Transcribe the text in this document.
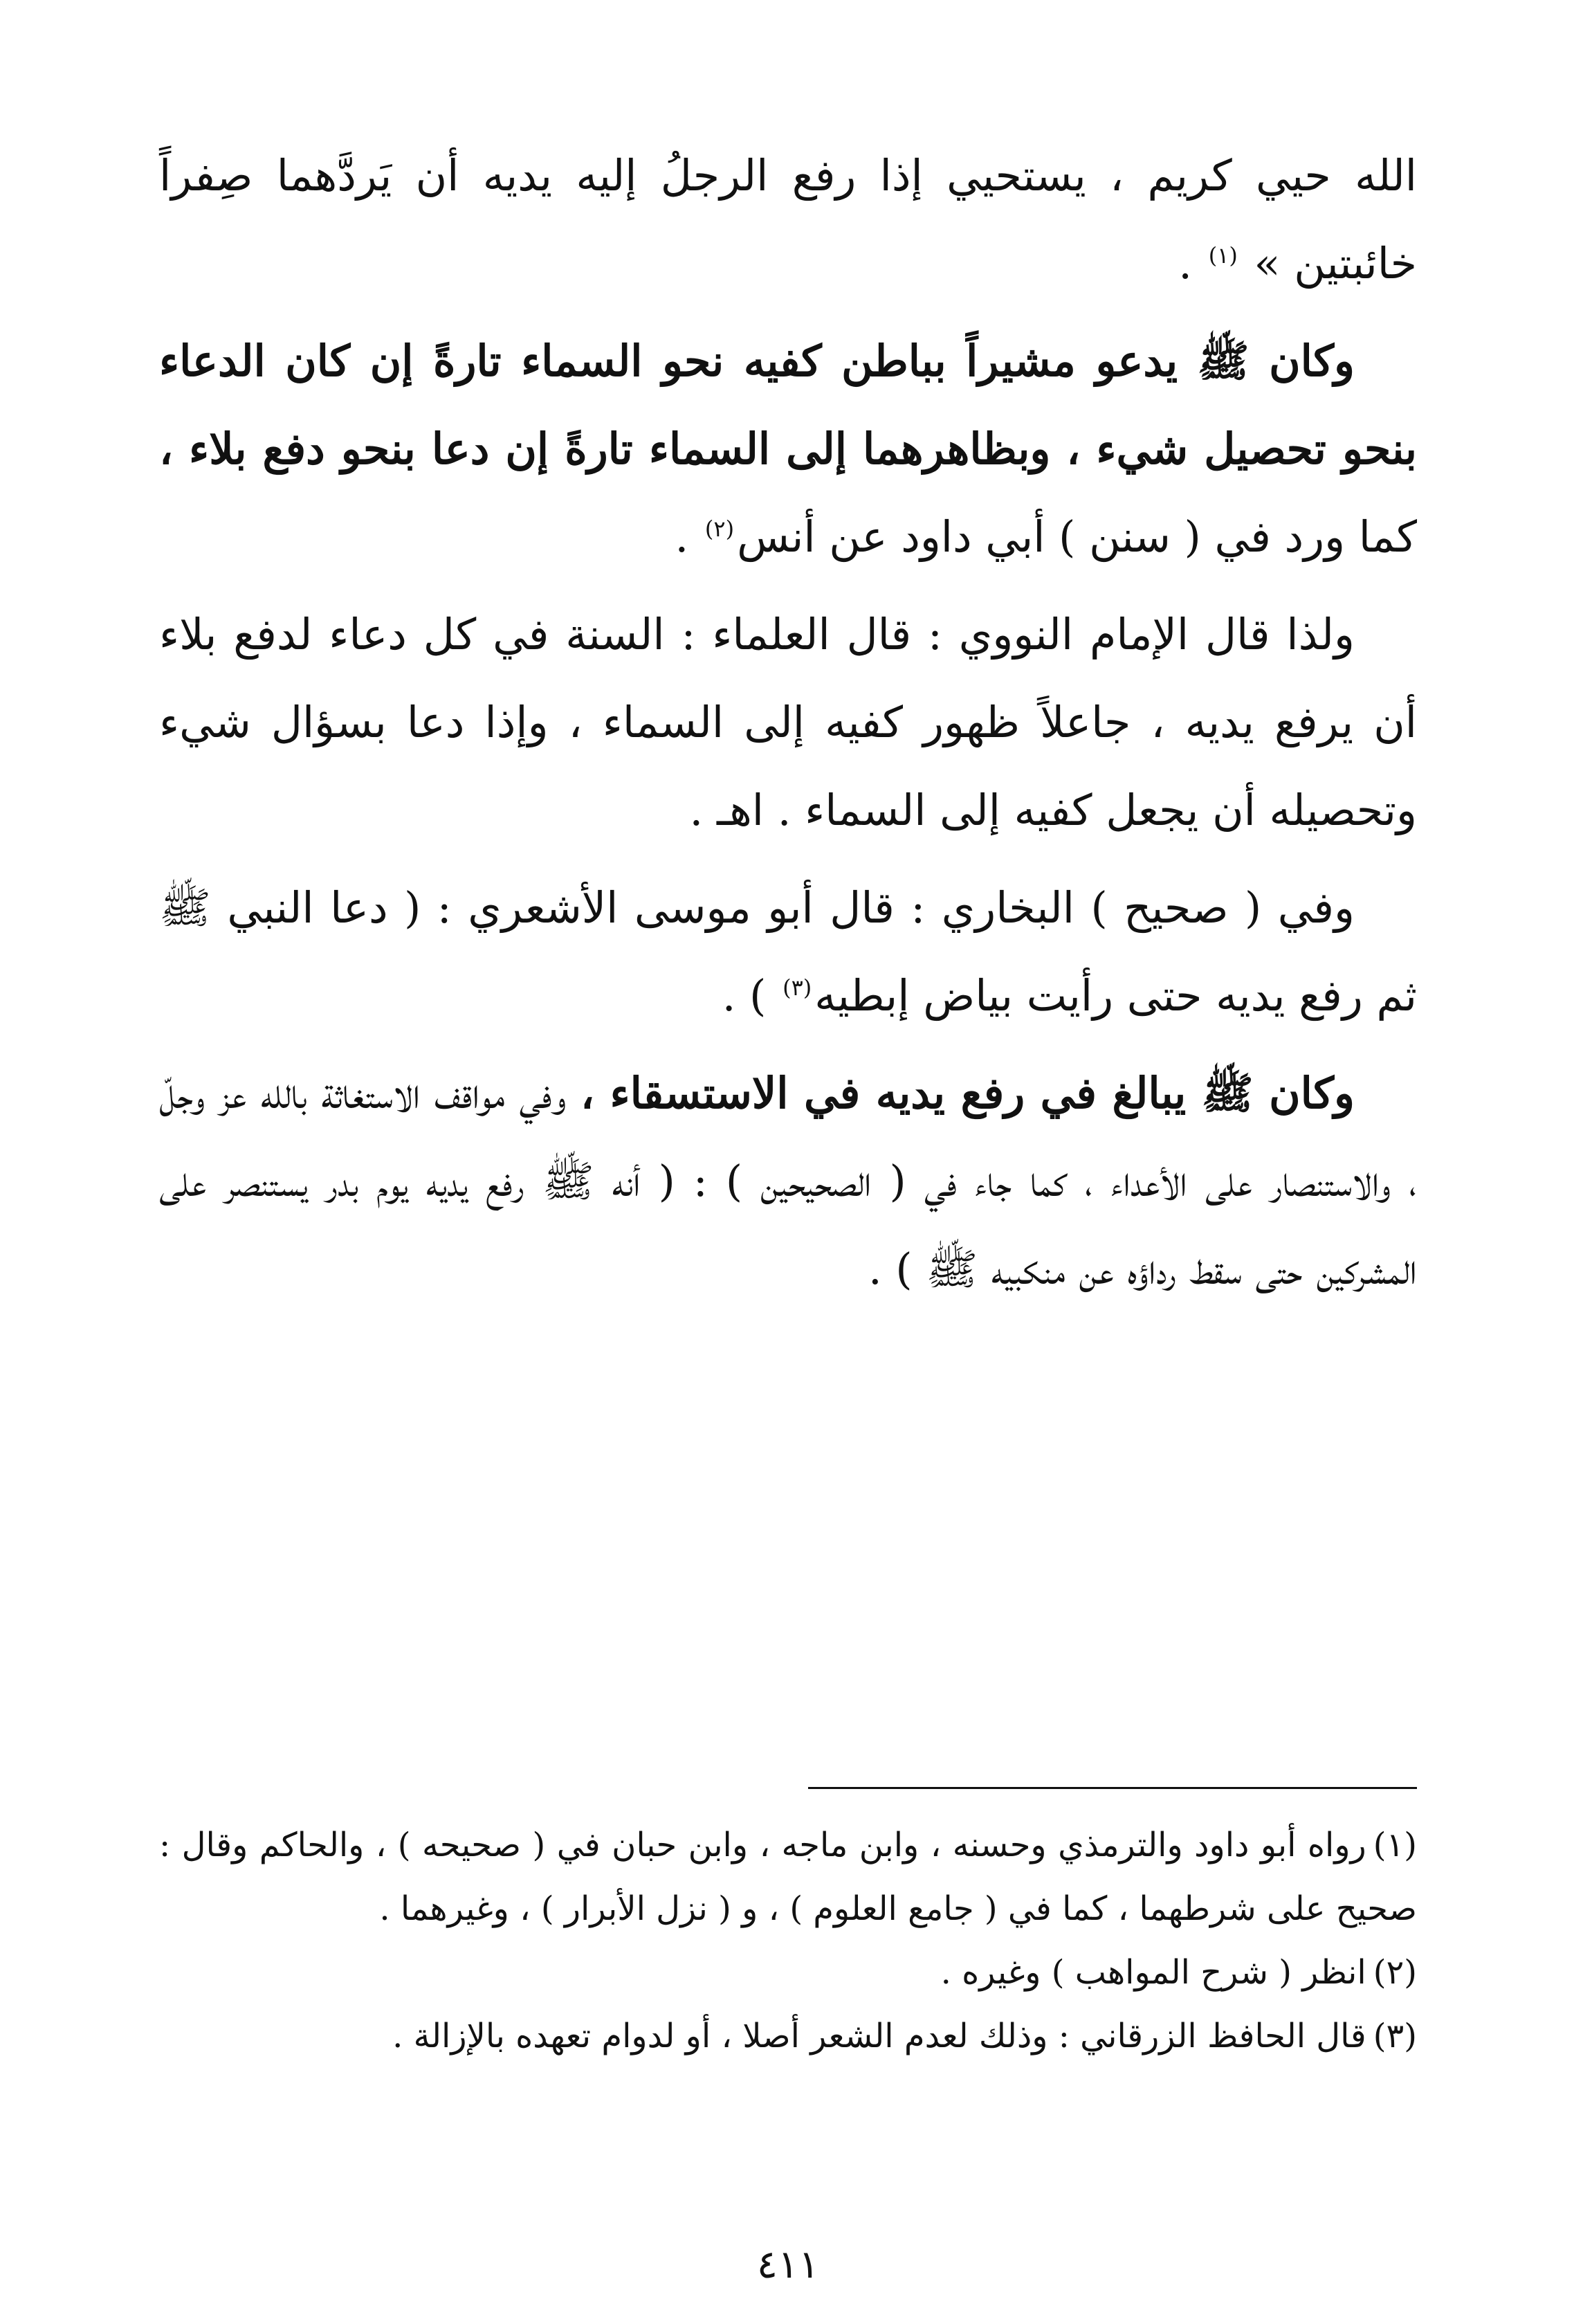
الله حيي كريم ، يستحيي إذا رفع الرجلُ إليه يديه أن يَردَّهما صِفراً خائبتين » $^{(١)}$ .

وكان ﷺ يدعو مشيراً بباطن كفيه نحو السماء تارةً إن كان الدعاء بنحو تحصيل شيء ، وبظاهرهما إلى السماء تارةً إن دعا بنحو دفع بلاء ، كما ورد في ( سنن ) أبي داود عن أنس$^{(٢)}$ .

ولذا قال الإمام النووي : قال العلماء : السنة في كل دعاء لدفع بلاء أن يرفع يديه ، جاعلاً ظهور كفيه إلى السماء ، وإذا دعا بسؤال شيء وتحصيله أن يجعل كفيه إلى السماء . اهـ .

وفي ( صحيح ) البخاري : قال أبو موسى الأشعري : ( دعا النبي ﷺ ثم رفع يديه حتى رأيت بياض إبطيه$^{(٣)}$ ) .

وكان ﷺ يبالغ في رفع يديه في الاستسقاء ، وفي مواقف الاستغاثة بالله عز وجلّ ، والاستنصار على الأعداء ، كما جاء في ( الصحيحين ) : ( أنه ﷺ رفع يديه يوم بدر يستنصر على المشركين حتى سقط رداؤه عن منكبيه ﷺ ) .

(١)رواه أبو داود والترمذي وحسنه ، وابن ماجه ، وابن حبان في ( صحيحه ) ، والحاكم وقال : صحيح على شرطهما ، كما في ( جامع العلوم ) ، و ( نزل الأبرار ) ، وغيرهما .

(٢)انظر ( شرح المواهب ) وغيره .

(٣)قال الحافظ الزرقاني : وذلك لعدم الشعر أصلا ، أو لدوام تعهده بالإزالة .

٤١١
